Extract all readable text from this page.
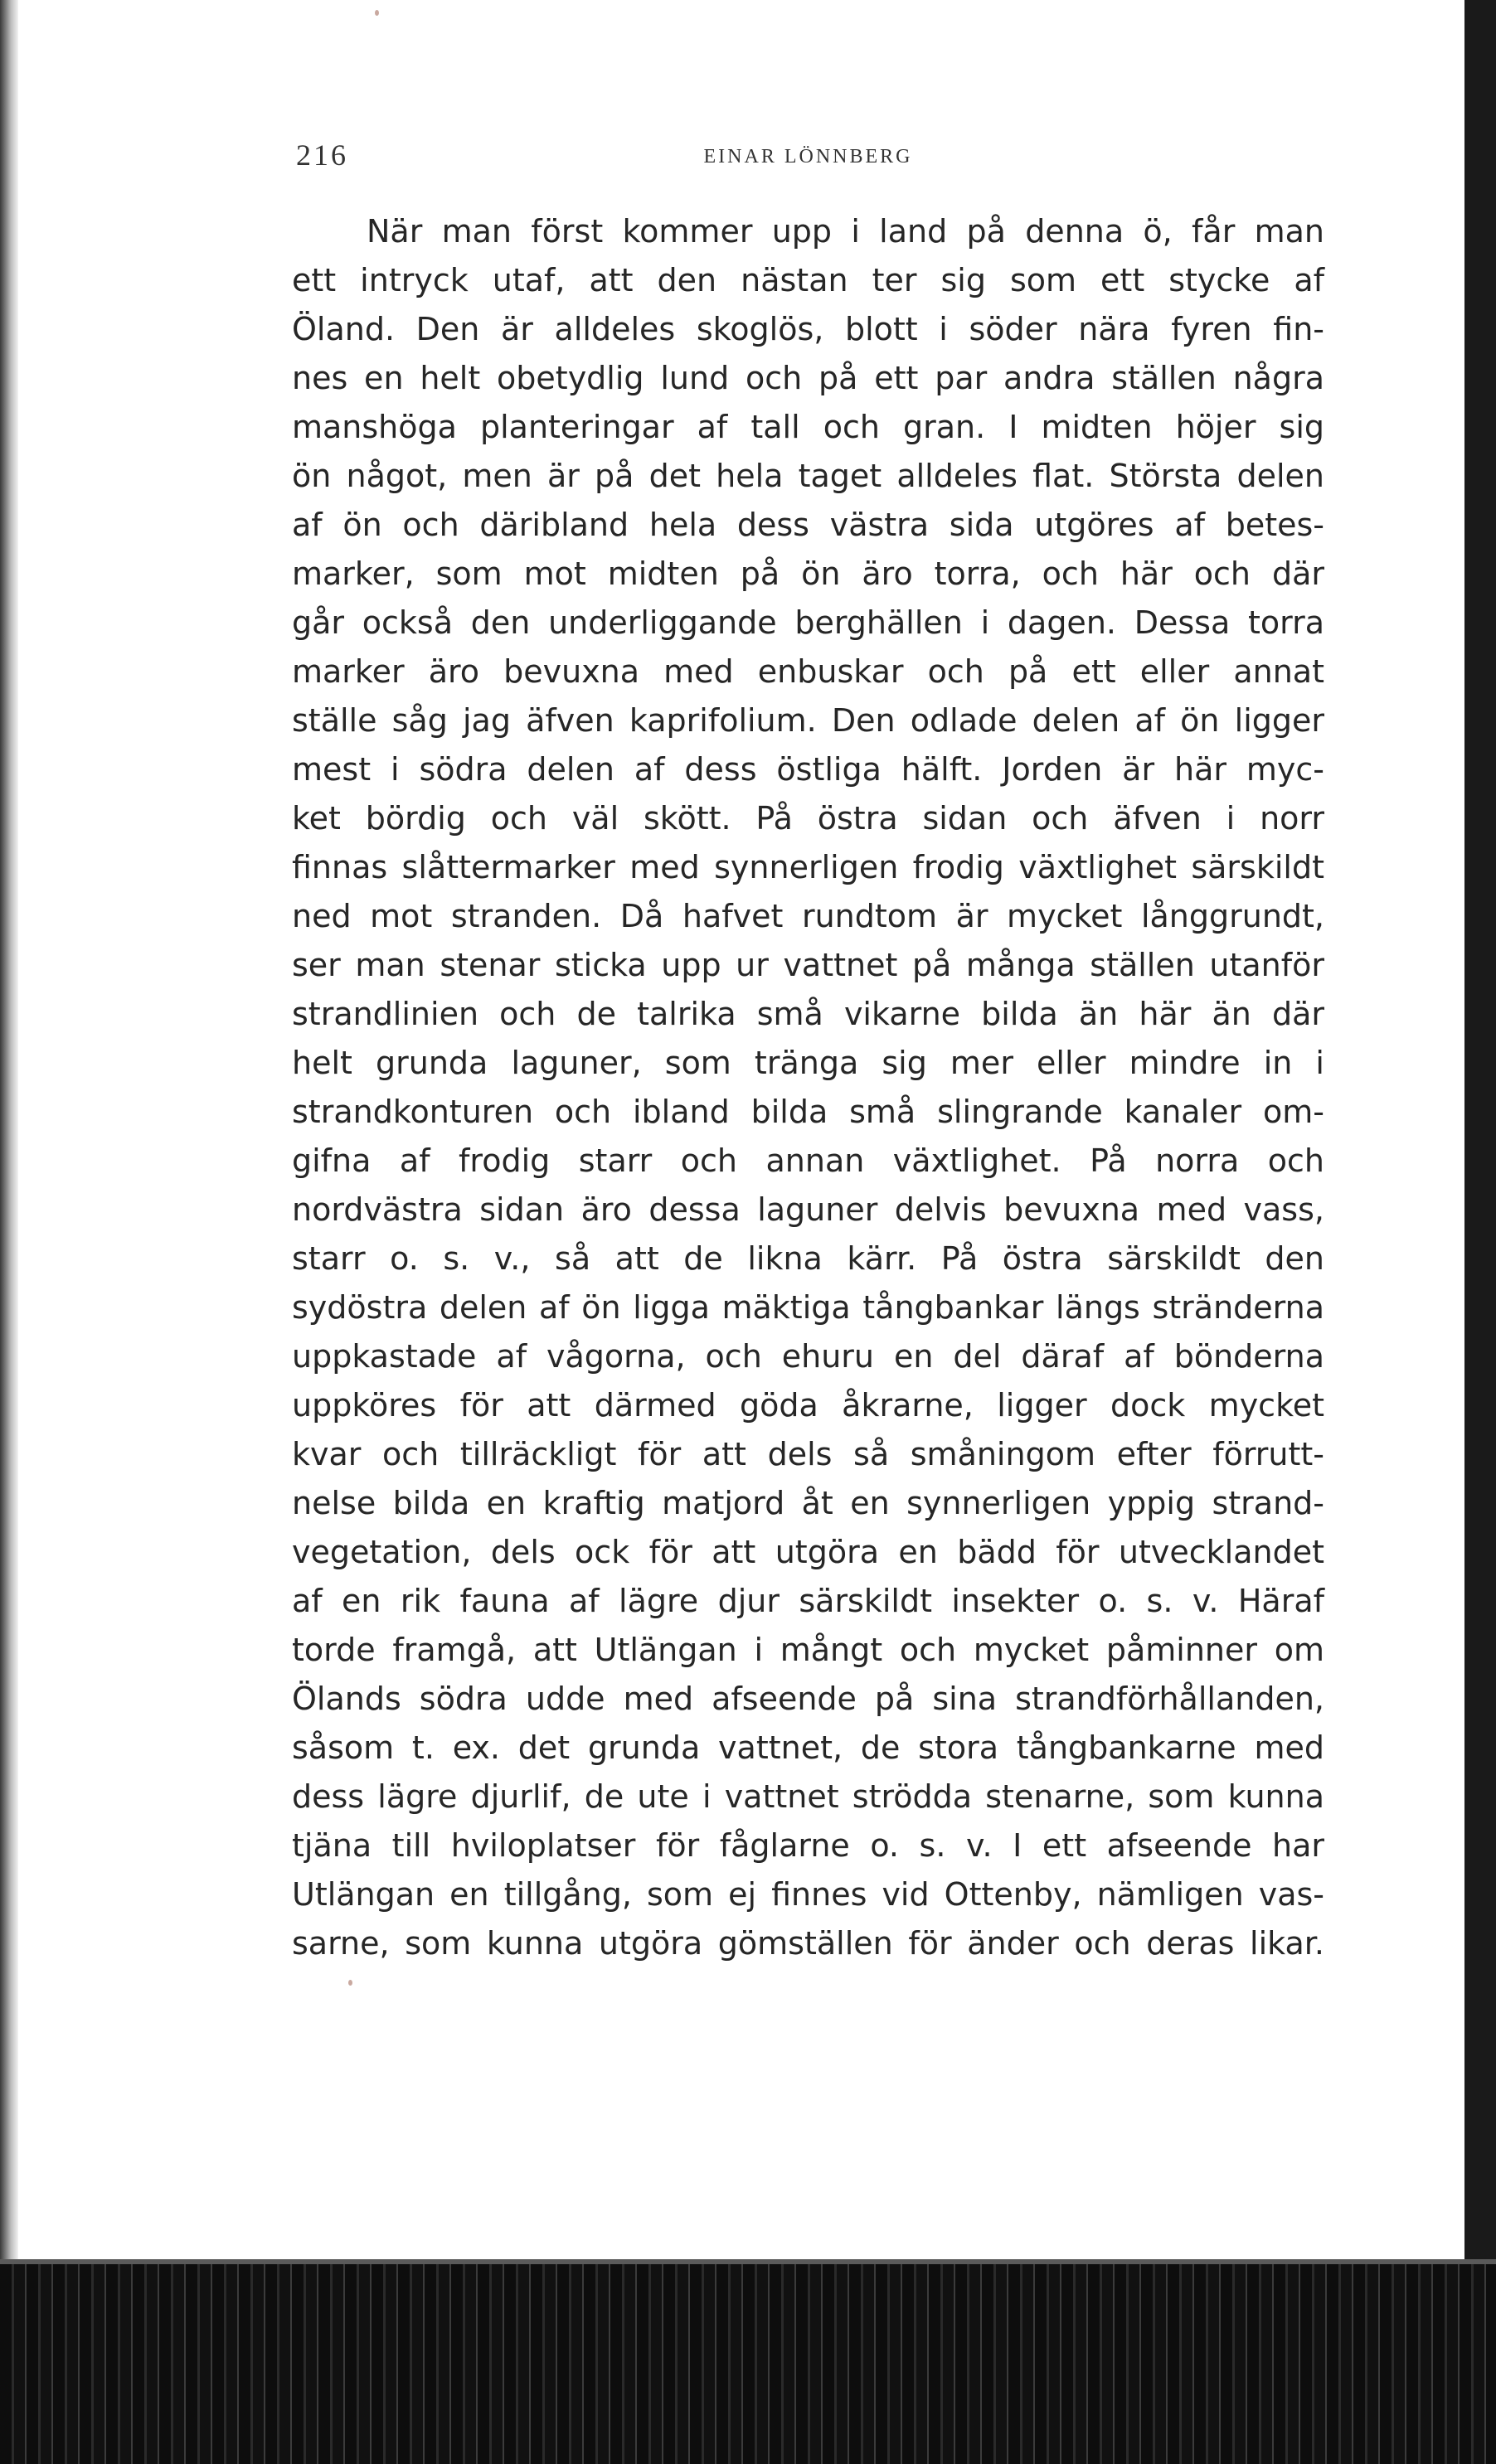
216	EINAR LÖNNBERG
När man först kommer upp i land på denna ö, får man
ett intryck utaf, att den nästan ter sig som ett stycke af
Öland. Den är alldeles skoglös, blott i söder nära fyren fin-
nes en helt obetydlig lund och på ett par andra ställen några
manshöga planteringar af tall och gran. I midten höjer sig
ön något, men är på det hela taget alldeles flat. Största delen
af ön och däribland hela dess västra sida utgöres af betes-
marker, som mot midten på ön äro torra, och här och där
går också den underliggande berghällen i dagen. Dessa torra
marker äro bevuxna med enbuskar och på ett eller annat
ställe såg jag äfven kaprifolium. Den odlade delen af ön ligger
mest i södra delen af dess östliga hälft. Jorden är här myc-
ket bördig och väl skött. På östra sidan och äfven i norr
finnas slåttermarker med synnerligen frodig växtlighet särskildt
ned mot stranden. Då hafvet rundtom är mycket långgrundt,
ser man stenar sticka upp ur vattnet på många ställen utanför
strandlinien och de talrika små vikarne bilda än här än där
helt grunda laguner, som tränga sig mer eller mindre in i
strandkonturen och ibland bilda små slingrande kanaler om-
gifna af frodig starr och annan växtlighet. På norra och
nordvästra sidan äro dessa laguner delvis bevuxna med vass,
starr o. s. v., så att de likna kärr. På östra särskildt den
sydöstra delen af ön ligga mäktiga tångbankar längs stränderna
uppkastade af vågorna, och ehuru en del däraf af bönderna
uppköres för att därmed göda åkrarne, ligger dock mycket
kvar och tillräckligt för att dels så småningom efter förrutt-
nelse bilda en kraftig matjord åt en synnerligen yppig strand-
vegetation, dels ock för att utgöra en bädd för utvecklandet
af en rik fauna af lägre djur särskildt insekter o. s. v. Häraf
torde framgå, att Utlängan i mångt och mycket påminner om
Ölands södra udde med afseende på sina strandförhållanden,
såsom t. ex. det grunda vattnet, de stora tångbankarne med
dess lägre djurlif, de ute i vattnet strödda stenarne, som kunna
tjäna till hviloplatser för fåglarne o. s. v. I ett afseende har
Utlängan en tillgång, som ej finnes vid Ottenby, nämligen vas-
sarne, som kunna utgöra gömställen för änder och deras likar.
